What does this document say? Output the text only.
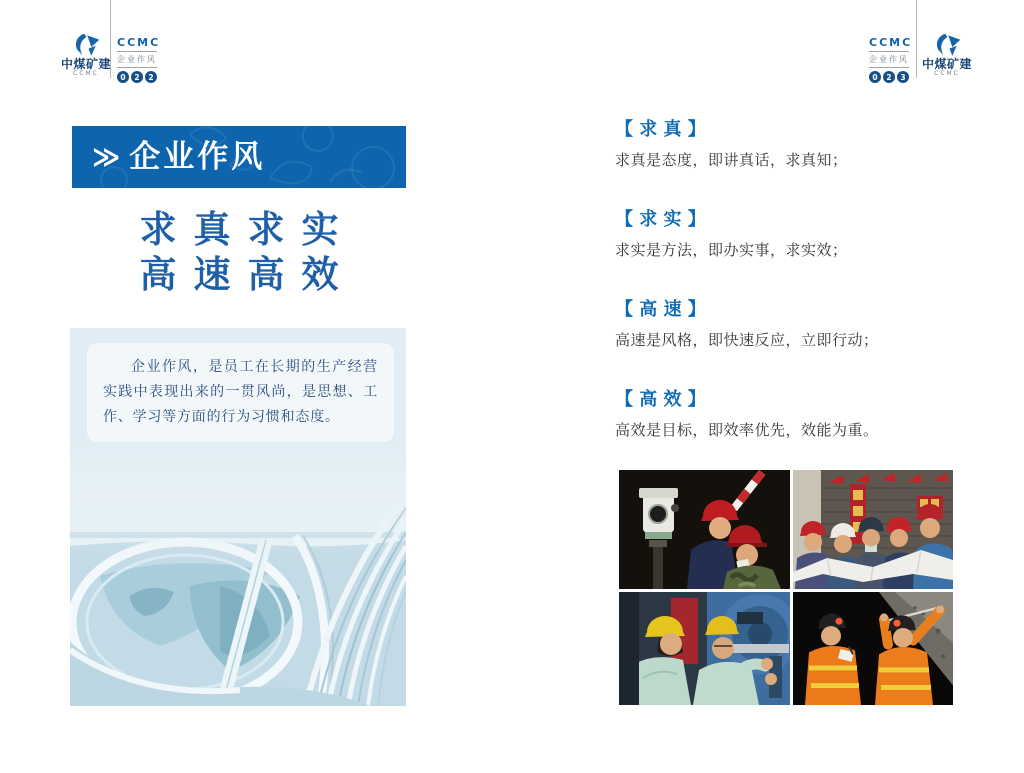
中煤矿建
CCMC
CCMC
企业作风
0	2	2
CCMC
企业作风
0	2	3
中煤矿建
CCMC
≫ 企业作风
求真求实
高速高效

企业作风，是员工在长期的生产经营实践中表现出来的一贯风尚，是思想、工作、学习等方面的行为习惯和态度。

【 求 真 】

求真是态度，即讲真话，求真知；

【 求 实 】

求实是方法，即办实事，求实效；

【 高 速 】

高速是风格，即快速反应，立即行动；

【 高 效 】

高效是目标，即效率优先，效能为重。
